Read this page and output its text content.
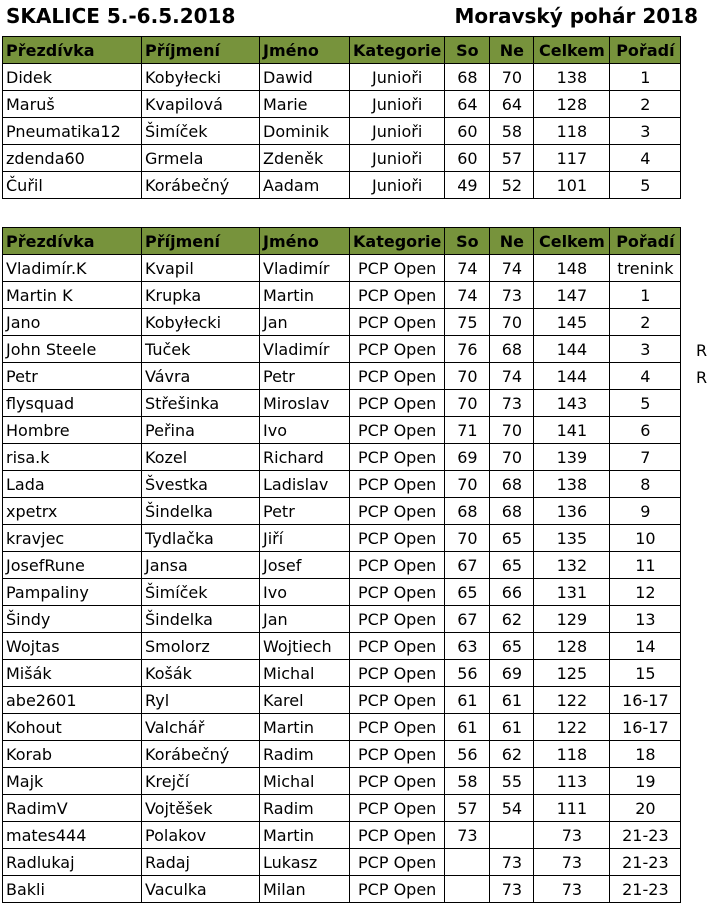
SKALICE 5.-6.5.2018	Moravský pohár 2018
Přezdívka	Příjmení	Jméno	Kategorie	So	Ne	Celkem	Pořadí
Didek	Kobyłecki	Dawid	Junioři	68	70	138	1
Maruš	Kvapilová	Marie	Junioři	64	64	128	2
Pneumatika12	Šimíček	Dominik	Junioři	60	58	118	3
zdenda60	Grmela	Zdeněk	Junioři	60	57	117	4
Čuřil	Korábečný	Aadam	Junioři	49	52	101	5
Přezdívka	Příjmení	Jméno	Kategorie	So	Ne	Celkem	Pořadí
Vladimír.K	Kvapil	Vladimír	PCP Open	74	74	148	trenink
Martin K	Krupka	Martin	PCP Open	74	73	147	1
Jano	Kobyłecki	Jan	PCP Open	75	70	145	2
John Steele	Tuček	Vladimír	PCP Open	76	68	144	3
Petr	Vávra	Petr	PCP Open	70	74	144	4
flysquad	Střešinka	Miroslav	PCP Open	70	73	143	5
Hombre	Peřina	Ivo	PCP Open	71	70	141	6
risa.k	Kozel	Richard	PCP Open	69	70	139	7
Lada	Švestka	Ladislav	PCP Open	70	68	138	8
xpetrx	Šindelka	Petr	PCP Open	68	68	136	9
kravjec	Tydlačka	Jiří	PCP Open	70	65	135	10
JosefRune	Jansa	Josef	PCP Open	67	65	132	11
Pampaliny	Šimíček	Ivo	PCP Open	65	66	131	12
Šindy	Šindelka	Jan	PCP Open	67	62	129	13
Wojtas	Smolorz	Wojtiech	PCP Open	63	65	128	14
Mišák	Košák	Michal	PCP Open	56	69	125	15
abe2601	Ryl	Karel	PCP Open	61	61	122	16-17
Kohout	Valchář	Martin	PCP Open	61	61	122	16-17
Korab	Korábečný	Radim	PCP Open	56	62	118	18
Majk	Krejčí	Michal	PCP Open	58	55	113	19
RadimV	Vojtěšek	Radim	PCP Open	57	54	111	20
mates444	Polakov	Martin	PCP Open	73		73	21-23
Radlukaj	Radaj	Lukasz	PCP Open		73	73	21-23
Bakli	Vaculka	Milan	PCP Open		73	73	21-23
R
R
